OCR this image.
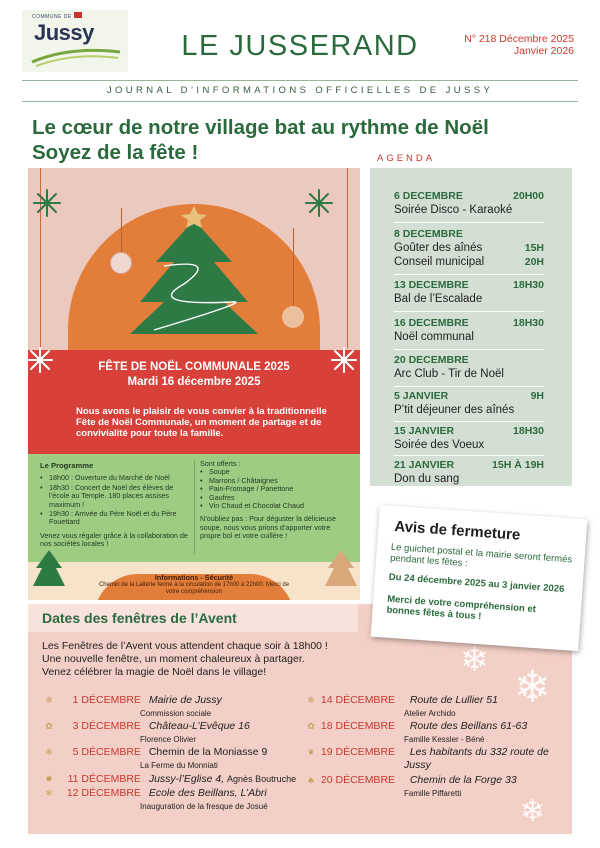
COMMUNE DE
Jussy	LE JUSSERAND	N° 218 Décembre 2025
Janvier 2026
JOURNAL D’INFORMATIONS OFFICIELLES DE JUSSY
Le cœur de notre village bat au rythme de Noël
Soyez de la fête !	AGENDA
FÊTE DE NOËL COMMUNALE 2025
Mardi 16 décembre 2025
Nous avons le plaisir de vous convier à la traditionnelle Fête de Noël Communale, un moment de partage et de convivialité pour toute la famille.
Le Programme
• 18h00 : Ouverture du Marché de Noël
• 18h30 : Concert de Noël des élèves de l’école au Temple. 180 places assises maximum !
• 19h30 : Arrivée du Père Noël et du Père Fouettard
Venez vous régaler grâce à la collaboration de nos sociétés locales !
Sont offerts :
• Soupe
• Marrons / Châtaignes
• Pain-Fromage / Panettone
• Gaufres
• Vin Chaud et Chocolat Chaud
N’oubliez pas : Pour déguster la délicieuse soupe, nous vous prions d’apporter votre propre bol et votre cuillère !
Informations - Sécurité
Chemin de la Laiterie fermé à la circulation de 17h00 à 22h00. Merci de votre compréhension
6 DECEMBRE	20H00
Soirée Disco - Karaoké
8 DECEMBRE
Goûter des aînés	15H
Conseil municipal	20H
13 DECEMBRE	18H30
Bal de l’Escalade
16 DECEMBRE	18H30
Noël communal
20 DECEMBRE
Arc Club - Tir de Noël
5 JANVIER	9H
P’tit déjeuner des aînés
15 JANVIER	18H30
Soirée des Voeux
21 JANVIER	15H À 19H
Don du sang
Dates des fenêtres de l’Avent
❄
❄
❄
Les Fenêtres de l’Avent vous attendent chaque soir à 18h00 !
Une nouvelle fenêtre, un moment chaleureux à partager.
Venez célébrer la magie de Noël dans le village!
❄ 1 DÉCEMBRE Mairie de Jussy
Commission sociale
✿ 3 DÉCEMBRE Château-L’Evêque 16
Florence Olivier
❄ 5 DÉCEMBRE Chemin de la Moniasse 9
La Ferme du Monniati
✸ 11 DÉCEMBRE Jussy-l’Eglise 4, Agnès Boutruche
❄ 12 DÉCEMBRE Ecole des Beillans, L’Abri
Inauguration de la fresque de Josué
❄ 14 DÉCEMBRE Route de Lullier 51
Atelier Archido
✿ 18 DÉCEMBRE Route des Beillans 61-63
Famille Kessler - Béné
❦ 19 DÉCEMBRE Les habitants du 332 route de
Jussy
♣ 20 DÉCEMBRE Chemin de la Forge 33
Famille Piffaretti
Avis de fermeture
Le guichet postal et la mairie seront fermés pendant les fêtes :
Du 24 décembre 2025 au 3 janvier 2026
Merci de votre compréhension et bonnes fêtes à tous !
